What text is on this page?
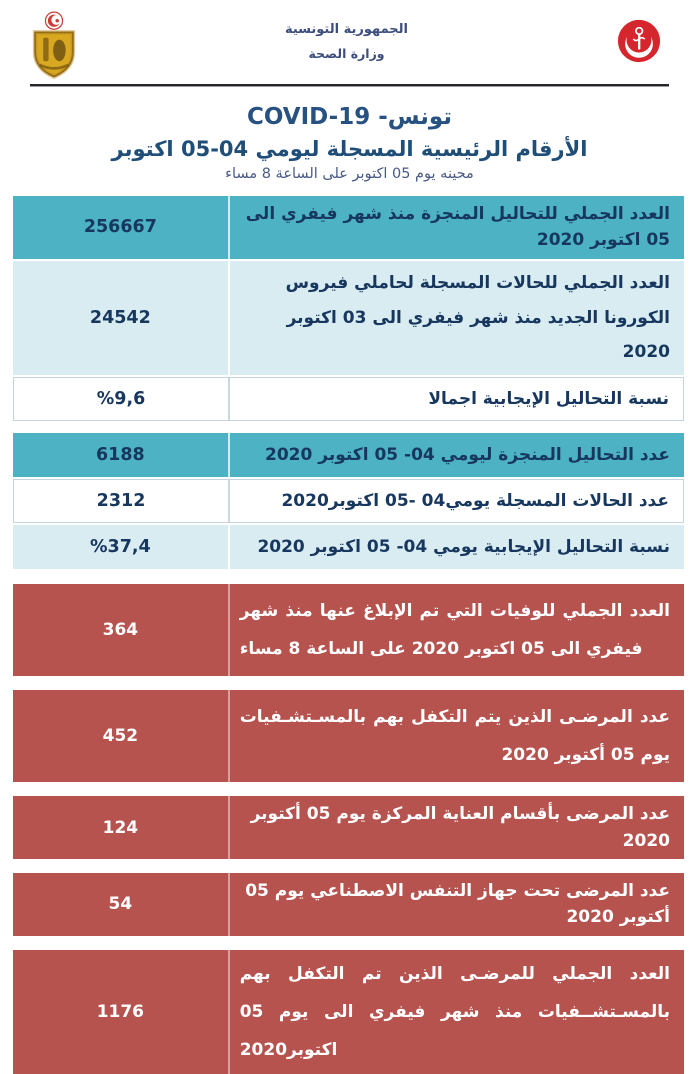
الجمهورية التونسية
وزارة الصحة
COVID-19 -تونس
الأرقام الرئيسية المسجلة ليومي 04-05 اكتوبر
محينه يوم 05 اكتوبر على الساعة 8 مساء
العدد الجملي للتحاليل المنجزة منذ شهر فيفري الى 05 اكتوبر 2020
256667
العدد الجملي للحالات المسجلة لحاملي فيروس الكورونا الجديد منذ شهر فيفري الى 03 اكتوبر 2020
24542
نسبة التحاليل الإيجابية اجمالا
%9,6
عدد التحاليل المنجزة ليومي 04- 05 اكتوبر 2020
6188
عدد الحالات المسجلة يومي04 -05 اكتوبر2020
2312
نسبة التحاليل الإيجابية يومي 04- 05 اكتوبر 2020
%37,4
العدد الجملي للوفيات التي تم الإبلاغ عنها منذ شهر فيفري الى 05 اكتوبر 2020 على الساعة 8 مساء
364
عدد المرضـى الذين يتم التكفل بهم بالمسـتشـفيات يوم 05 أكتوبر 2020
452
عدد المرضى بأقسام العناية المركزة يوم 05 أكتوبر 2020
124
عدد المرضى تحت جهاز التنفس الاصطناعي يوم 05 أكتوبر 2020
54
العدد الجملي للمرضـى الذين تم التكفل بهم بالمسـتشــفيات منذ شهر فيفري الى يوم 05 اكتوبر2020
1176
